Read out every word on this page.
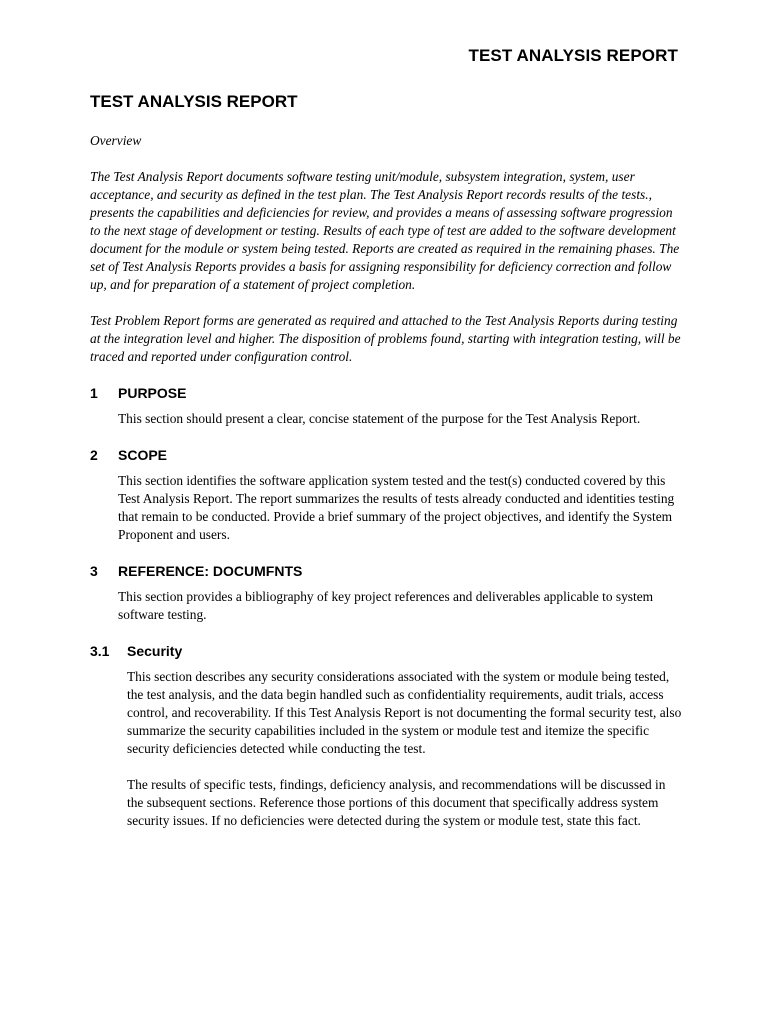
TEST ANALYSIS REPORT
TEST ANALYSIS REPORT

Overview

The Test Analysis Report documents software testing unit/module, subsystem integration, system, user acceptance, and security as defined in the test plan. The Test Analysis Report records results of the tests., presents the capabilities and deficiencies for review, and provides a means of assessing software progression to the next stage of development or testing. Results of each type of test are added to the software development document for the module or system being tested. Reports are created as required in the remaining phases. The set of Test Analysis Reports provides a basis for assigning responsibility for deficiency correction and follow up, and for preparation of a statement of project completion.

Test Problem Report forms are generated as required and attached to the Test Analysis Reports during testing at the integration level and higher. The disposition of problems found, starting with integration testing, will be traced and reported under configuration control.

1	PURPOSE

This section should present a clear, concise statement of the purpose for the Test Analysis Report.

2	SCOPE

This section identifies the software application system tested and the test(s) conducted covered by this Test Analysis Report. The report summarizes the results of tests already conducted and identities testing that remain to be conducted. Provide a brief summary of the project objectives, and identify the System Proponent and users.

3	REFERENCE: DOCUMFNTS

This section provides a bibliography of key project references and deliverables applicable to system software testing.

3.1	Security

This section describes any security considerations associated with the system or module being tested, the test analysis, and the data begin handled such as confidentiality requirements, audit trials, access control, and recoverability. If this Test Analysis Report is not documenting the formal security test, also summarize the security capabilities included in the system or module test and itemize the specific security deficiencies detected while conducting the test.

The results of specific tests, findings, deficiency analysis, and recommendations will be discussed in the subsequent sections. Reference those portions of this document that specifically address system security issues. If no deficiencies were detected during the system or module test, state this fact.
